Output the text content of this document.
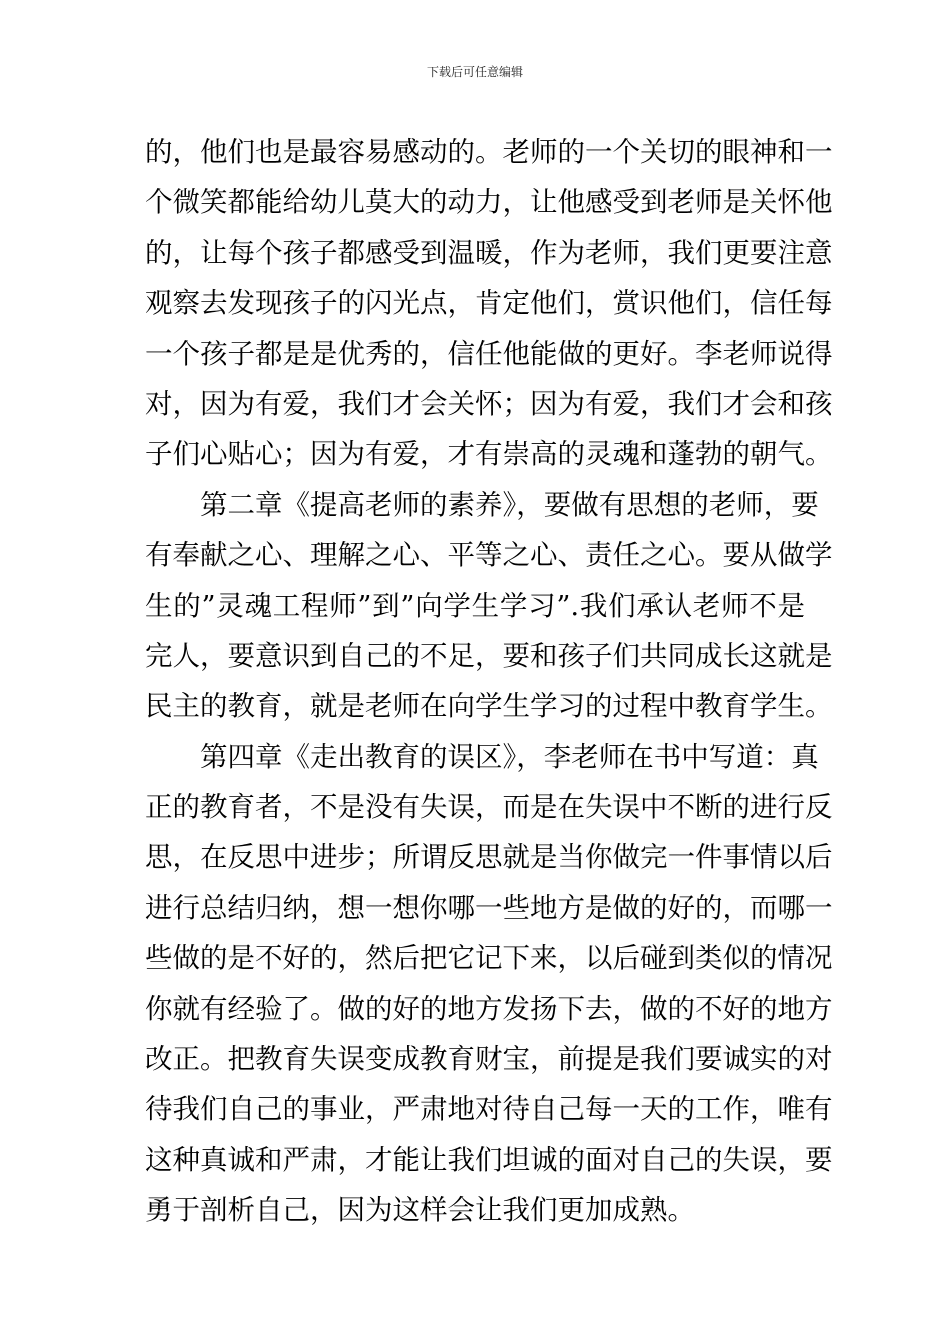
下载后可任意编辑
的，他们也是最容易感动的。老师的一个关切的眼神和一
个微笑都能给幼儿莫大的动力，让他感受到老师是关怀他
的，让每个孩子都感受到温暖，作为老师，我们更要注意
观察去发现孩子的闪光点，肯定他们，赏识他们，信任每
一个孩子都是是优秀的，信任他能做的更好。李老师说得
对，因为有爱，我们才会关怀；因为有爱，我们才会和孩
子们心贴心；因为有爱，才有崇高的灵魂和蓬勃的朝气。
第二章《提高老师的素养》，要做有思想的老师，要
有奉献之心、理解之心、平等之心、责任之心。要从做学
生的”灵魂工程师”到”向学生学习”.我们承认老师不是
完人，要意识到自己的不足，要和孩子们共同成长这就是
民主的教育，就是老师在向学生学习的过程中教育学生。
第四章《走出教育的误区》，李老师在书中写道：真
正的教育者，不是没有失误，而是在失误中不断的进行反
思，在反思中进步；所谓反思就是当你做完一件事情以后
进行总结归纳，想一想你哪一些地方是做的好的，而哪一
些做的是不好的，然后把它记下来，以后碰到类似的情况
你就有经验了。做的好的地方发扬下去，做的不好的地方
改正。把教育失误变成教育财宝，前提是我们要诚实的对
待我们自己的事业，严肃地对待自己每一天的工作，唯有
这种真诚和严肃，才能让我们坦诚的面对自己的失误，要
勇于剖析自己，因为这样会让我们更加成熟。
